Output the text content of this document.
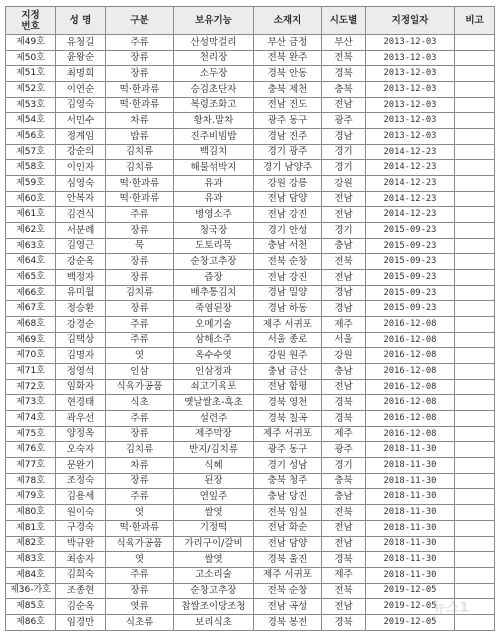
지정
번호	성 명	구분	보유기능	소재지	시도별	지정일자	비고
제49호	유청길	주류	산성막걸리	부산 금정	부산	2013-12-03	
제50호	윤왕순	장류	천리장	전북 완주	전북	2013-12-03	
제51호	최명희	장류	소두장	경북 안동	경북	2013-12-03	
제52호	이연순	떡·한과류	승검초단자	충북 제천	충북	2013-12-03	
제53호	김영숙	떡·한과류	복령조화고	전남 진도	전남	2013-12-03	
제54호	서민수	차류	황차.말차	광주 동구	광주	2013-12-03	
제56호	정계임	밥류	진주비빔밥	경남 진주	경남	2013-12-03	
제57호	강순의	김치류	백김치	경기 광주	경기	2014-12-23	
제58호	이인자	김치류	해물섞박지	경기 남양주	경기	2014-12-23	
제59호	심영숙	떡·한과류	유과	강원 강릉	강원	2014-12-23	
제60호	안복자	떡·한과류	유과	전남 담양	전남	2014-12-23	
제61호	김견식	주류	병영소주	전남 강진	전남	2014-12-23	
제62호	서분례	장류	청국장	경기 안성	경기	2015-09-23	
제63호	김영근	묵	도토리묵	충남 서천	충남	2015-09-23	
제64호	강순옥	장류	순창고추장	전북 순창	전북	2015-09-23	
제65호	백정자	장류	즙장	전남 강진	전남	2015-09-23	
제66호	유미월	김치류	배추통김치	경남 밀양	경남	2015-09-23	
제67호	정승환	장류	죽염된장	경남 하동	경남	2015-09-23	
제68호	강경순	주류	오메기술	제주 서귀포	제주	2016-12-08	
제69호	김택상	주류	삼해소주	서울 종로	서울	2016-12-08	
제70호	김명자	엿	옥수수엿	강원 원주	강원	2016-12-08	
제71호	정영석	인삼	인삼정과	충남 금산	충남	2016-12-08	
제72호	임화자	식육가공품	쇠고기육포	전남 함평	전남	2016-12-08	
제73호	현경태	식초	옛날쌀초-흑초	경북 영천	경북	2016-12-08	
제74호	곽우선	주류	설련주	경북 칠곡	경북	2016-12-08	
제75호	양정옥	장류	제주막장	제주 서귀포	제주	2016-12-08	
제76호	오숙자	김치류	반지/김치류	광주 동구	광주	2018-11-30	
제77호	문완기	차류	식혜	경기 성남	경기	2018-11-30	
제78호	조정숙	장류	된장	충북 청주	충북	2018-11-30	
제79호	김용세	주류	연잎주	충남 당진	충남	2018-11-30	
제80호	원이숙	엿	쌀엿	전북 임실	전북	2018-11-30	
제81호	구경숙	떡·한과류	기정떡	전남 화순	전남	2018-11-30	
제82호	박규완	식육가공품	가리구이/갈비	전남 담양	전남	2018-11-30	
제83호	최송자	엿	쌀엿	경북 울진	경북	2018-11-30	
제84호	김희숙	주류	고소리술	제주 서귀포	제주	2018-11-30	
제36-가호	조종현	장류	순창고추장	전북 순창	전북	2019-12-05	
제85호	김순옥	엿류	찹쌀조이당조청	전남 곡성	전남	2019-12-05	
제86호	임경만	식초류	보리식초	경북 봉전	경북	2019-12-05	
뉴스1
